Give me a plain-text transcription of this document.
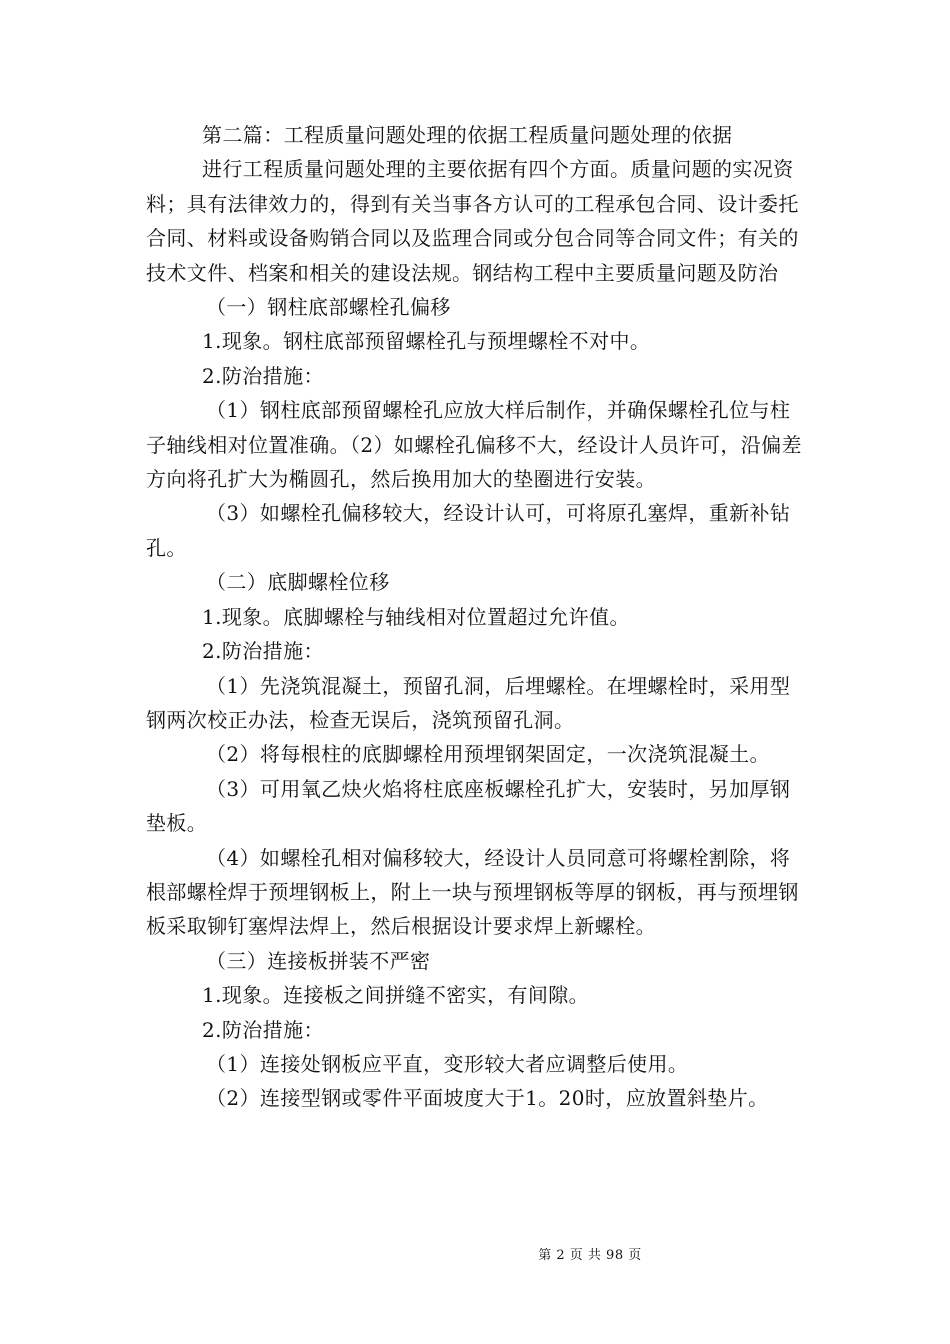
第二篇：工程质量问题处理的依据工程质量问题处理的依据

进行工程质量问题处理的主要依据有四个方面。质量问题的实况资料；具有法律效力的，得到有关当事各方认可的工程承包合同、设计委托合同、材料或设备购销合同以及监理合同或分包合同等合同文件；有关的技术文件、档案和相关的建设法规。钢结构工程中主要质量问题及防治

（一）钢柱底部螺栓孔偏移

1.现象。钢柱底部预留螺栓孔与预埋螺栓不对中。

2.防治措施：

（1）钢柱底部预留螺栓孔应放大样后制作，并确保螺栓孔位与柱子轴线相对位置准确。（2）如螺栓孔偏移不大，经设计人员许可，沿偏差方向将孔扩大为椭圆孔，然后换用加大的垫圈进行安装。

（3）如螺栓孔偏移较大，经设计认可，可将原孔塞焊，重新补钻孔。

（二）底脚螺栓位移

1.现象。底脚螺栓与轴线相对位置超过允许值。

2.防治措施：

（1）先浇筑混凝土，预留孔洞，后埋螺栓。在埋螺栓时，采用型钢两次校正办法，检查无误后，浇筑预留孔洞。

（2）将每根柱的底脚螺栓用预埋钢架固定，一次浇筑混凝土。

（3）可用氧乙炔火焰将柱底座板螺栓孔扩大，安装时，另加厚钢垫板。

（4）如螺栓孔相对偏移较大，经设计人员同意可将螺栓割除，将根部螺栓焊于预埋钢板上，附上一块与预埋钢板等厚的钢板，再与预埋钢板采取铆钉塞焊法焊上，然后根据设计要求焊上新螺栓。

（三）连接板拼装不严密

1.现象。连接板之间拼缝不密实，有间隙。

2.防治措施：

（1）连接处钢板应平直，变形较大者应调整后使用。

（2）连接型钢或零件平面坡度大于1。20时，应放置斜垫片。

第 2 页 共 98 页
